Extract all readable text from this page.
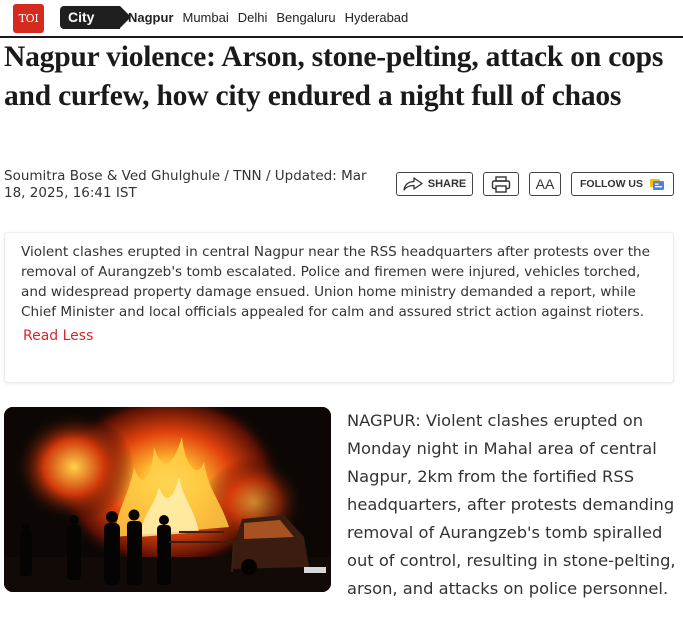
TOI	City	Nagpur Mumbai Delhi Bengaluru Hyderabad
Nagpur violence: Arson, stone-pelting, attack on cops and curfew, how city endured a night full of chaos
Soumitra Bose & Ved Ghulghule / TNN / Updated: Mar 18, 2025, 16:41 IST
SHARE	AA	FOLLOW US

Violent clashes erupted in central Nagpur near the RSS headquarters after protests over the removal of Aurangzeb's tomb escalated. Police and firemen were injured, vehicles torched, and widespread property damage ensued. Union home ministry demanded a report, while Chief Minister and local officials appealed for calm and assured strict action against rioters.

Read Less

NAGPUR: Violent clashes erupted on Monday night in Mahal area of central Nagpur, 2km from the fortified RSS headquarters, after protests demanding removal of Aurangzeb's tomb spiralled out of control, resulting in stone-pelting, arson, and attacks on police personnel.
